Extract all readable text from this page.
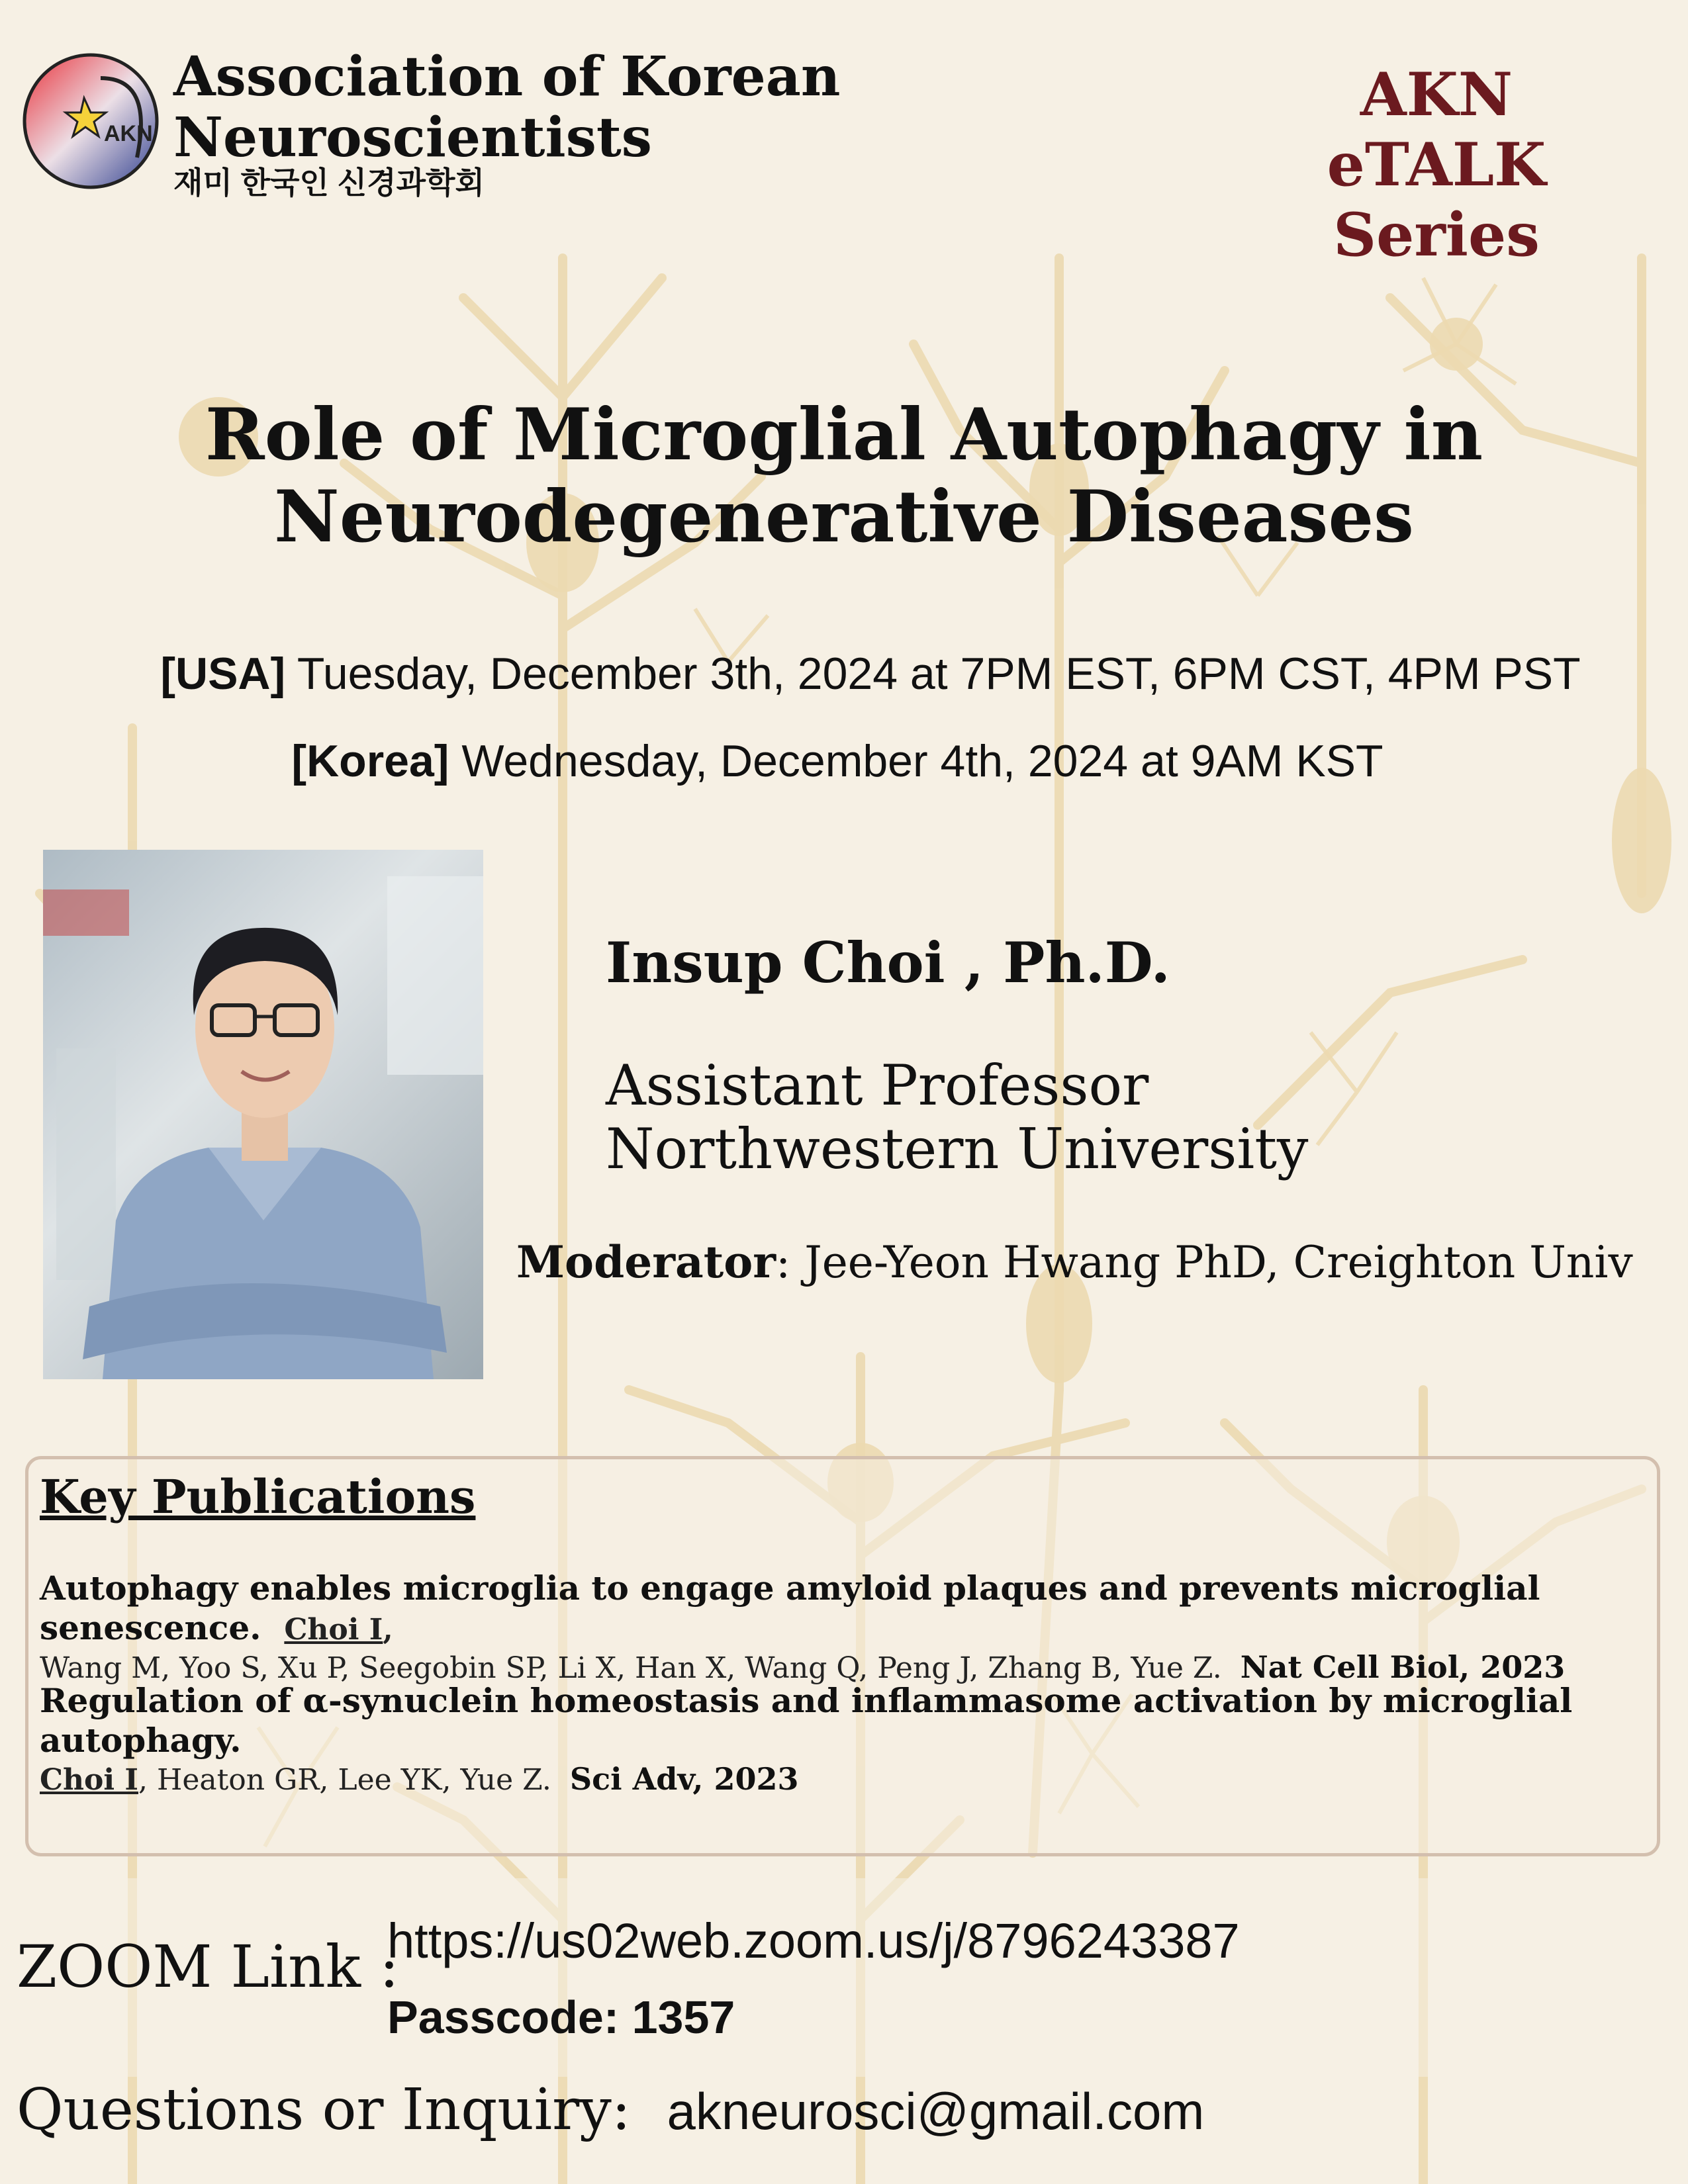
AKN
Association of Korean
Neuroscientists
재미 한국인 신경과학회
AKN eTALK
Series
Role of Microglial Autophagy in
Neurodegenerative Diseases
[USA] Tuesday, December 3th, 2024 at 7PM EST, 6PM CST, 4PM PST
[Korea] Wednesday, December 4th, 2024 at 9AM KST
Insup Choi , Ph.D.
Assistant Professor
Northwestern University
Moderator: Jee-Yeon Hwang PhD, Creighton Univ
Key Publications
Autophagy enables microglia to engage amyloid plaques and prevents microglial senescence. Choi I,
Wang M, Yoo S, Xu P, Seegobin SP, Li X, Han X, Wang Q, Peng J, Zhang B, Yue Z. Nat Cell Biol, 2023
Regulation of α-synuclein homeostasis and inflammasome activation by microglial autophagy.
Choi I, Heaton GR, Lee YK, Yue Z. Sci Adv, 2023
ZOOM Link :
https://us02web.zoom.us/j/8796243387
Passcode: 1357
Questions or Inquiry: akneurosci@gmail.com
